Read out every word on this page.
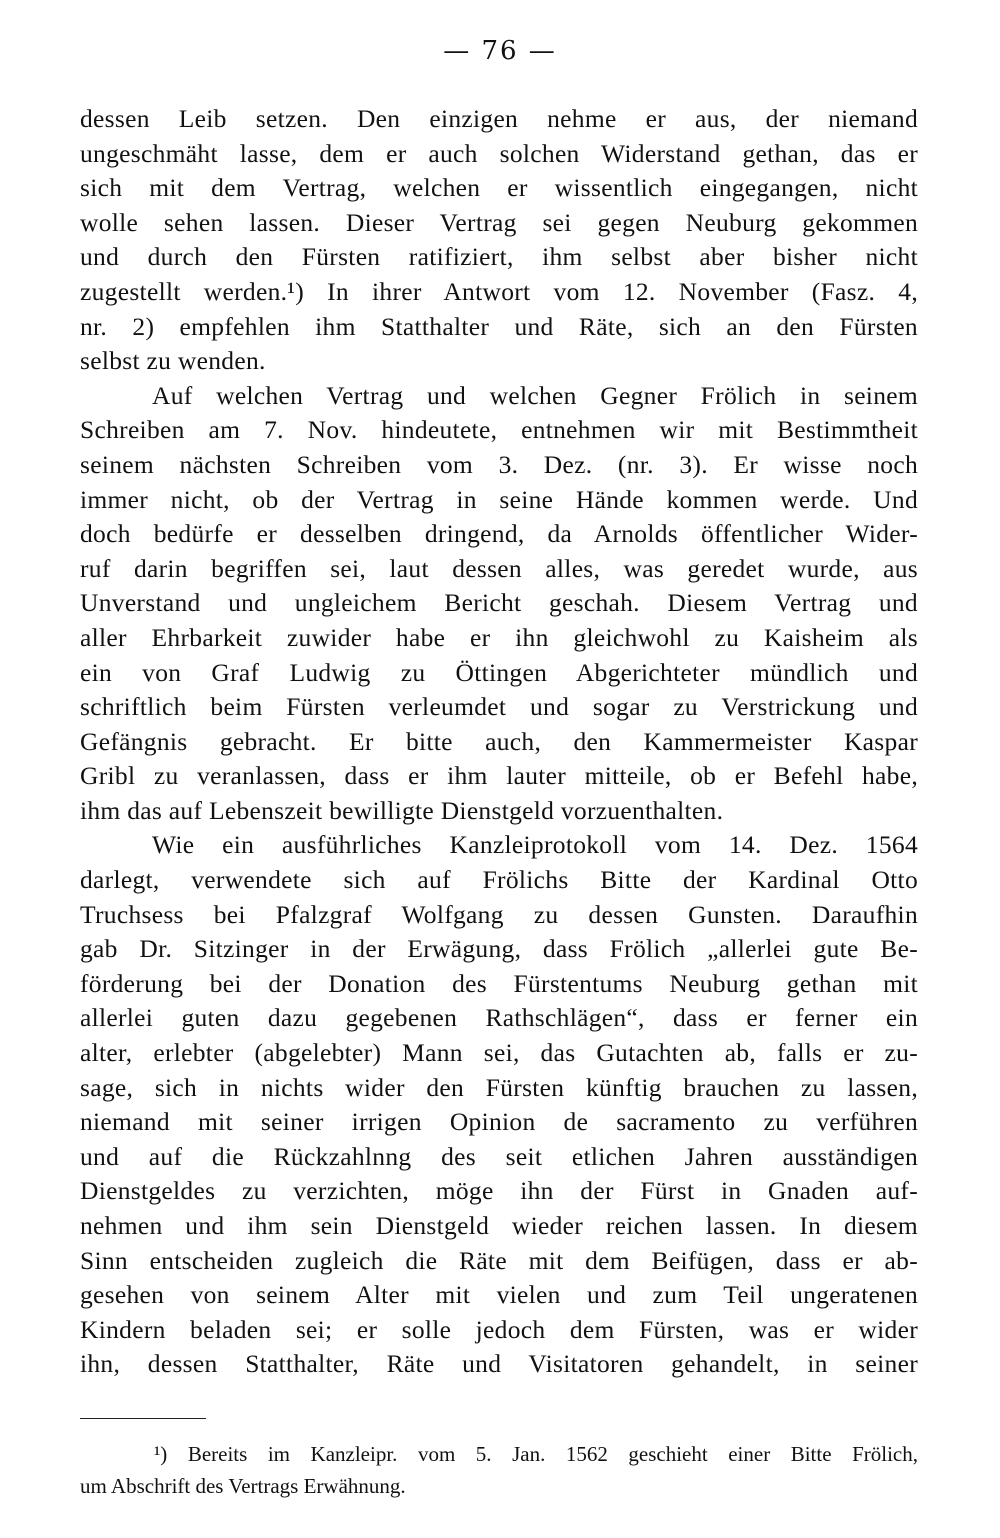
— 76 —
dessen Leib setzen. Den einzigen nehme er aus, der niemand
ungeschmäht lasse, dem er auch solchen Widerstand gethan, das er
sich mit dem Vertrag, welchen er wissentlich eingegangen, nicht
wolle sehen lassen. Dieser Vertrag sei gegen Neuburg gekommen
und durch den Fürsten ratifiziert, ihm selbst aber bisher nicht
zugestellt werden.¹) In ihrer Antwort vom 12. November (Fasz. 4,
nr. 2) empfehlen ihm Statthalter und Räte, sich an den Fürsten
selbst zu wenden.
Auf welchen Vertrag und welchen Gegner Frölich in seinem
Schreiben am 7. Nov. hindeutete, entnehmen wir mit Bestimmtheit
seinem nächsten Schreiben vom 3. Dez. (nr. 3). Er wisse noch
immer nicht, ob der Vertrag in seine Hände kommen werde. Und
doch bedürfe er desselben dringend, da Arnolds öffentlicher Wider-
ruf darin begriffen sei, laut dessen alles, was geredet wurde, aus
Unverstand und ungleichem Bericht geschah. Diesem Vertrag und
aller Ehrbarkeit zuwider habe er ihn gleichwohl zu Kaisheim als
ein von Graf Ludwig zu Öttingen Abgerichteter mündlich und
schriftlich beim Fürsten verleumdet und sogar zu Verstrickung und
Gefängnis gebracht. Er bitte auch, den Kammermeister Kaspar
Gribl zu veranlassen, dass er ihm lauter mitteile, ob er Befehl habe,
ihm das auf Lebenszeit bewilligte Dienstgeld vorzuenthalten.
Wie ein ausführliches Kanzleiprotokoll vom 14. Dez. 1564
darlegt, verwendete sich auf Frölichs Bitte der Kardinal Otto
Truchsess bei Pfalzgraf Wolfgang zu dessen Gunsten. Daraufhin
gab Dr. Sitzinger in der Erwägung, dass Frölich „allerlei gute Be-
förderung bei der Donation des Fürstentums Neuburg gethan mit
allerlei guten dazu gegebenen Rathschlägen“, dass er ferner ein
alter, erlebter (abgelebter) Mann sei, das Gutachten ab, falls er zu-
sage, sich in nichts wider den Fürsten künftig brauchen zu lassen,
niemand mit seiner irrigen Opinion de sacramento zu verführen
und auf die Rückzahlnng des seit etlichen Jahren ausständigen
Dienstgeldes zu verzichten, möge ihn der Fürst in Gnaden auf-
nehmen und ihm sein Dienstgeld wieder reichen lassen. In diesem
Sinn entscheiden zugleich die Räte mit dem Beifügen, dass er ab-
gesehen von seinem Alter mit vielen und zum Teil ungeratenen
Kindern beladen sei; er solle jedoch dem Fürsten, was er wider
ihn, dessen Statthalter, Räte und Visitatoren gehandelt, in seiner
¹) Bereits im Kanzleipr. vom 5. Jan. 1562 geschieht einer Bitte Frölich,
um Abschrift des Vertrags Erwähnung.
